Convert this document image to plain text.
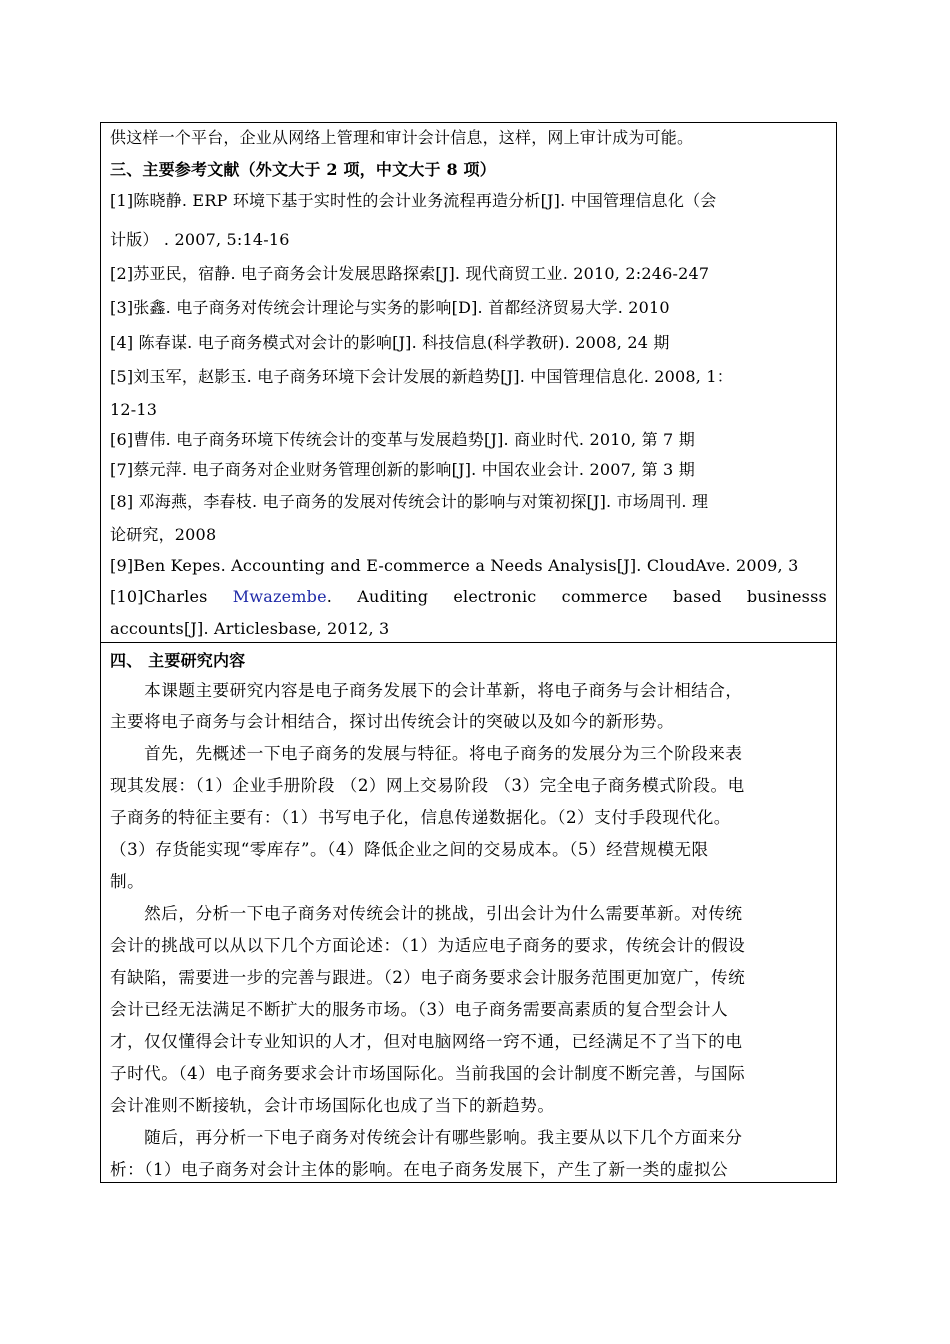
供这样一个平台，企业从网络上管理和审计会计信息，这样，网上审计成为可能。
三、主要参考文献（外文大于 2 项，中文大于 8 项）
[1]陈晓静. ERP 环境下基于实时性的会计业务流程再造分析[J]. 中国管理信息化（会
计版） . 2007, 5:14-16
[2]苏亚民，宿静. 电子商务会计发展思路探索[J]. 现代商贸工业. 2010, 2:246-247
[3]张鑫. 电子商务对传统会计理论与实务的影响[D]. 首都经济贸易大学. 2010
[4] 陈春谋. 电子商务模式对会计的影响[J]. 科技信息(科学教研). 2008, 24 期
[5]刘玉军，赵影玉. 电子商务环境下会计发展的新趋势[J]. 中国管理信息化. 2008, 1：
12-13
[6]曹伟. 电子商务环境下传统会计的变革与发展趋势[J]. 商业时代. 2010, 第 7 期
[7]蔡元萍. 电子商务对企业财务管理创新的影响[J]. 中国农业会计. 2007, 第 3 期
[8] 邓海燕，李春枝. 电子商务的发展对传统会计的影响与对策初探[J]. 市场周刊. 理
论研究，2008
[9]Ben Kepes. Accounting and E-commerce a Needs Analysis[J]. CloudAve. 2009, 3
[10]Charles Mwazembe. Auditing electronic commerce based businesss
accounts[J]. Articlesbase, 2012, 3
四、 主要研究内容
　　本课题主要研究内容是电子商务发展下的会计革新，将电子商务与会计相结合，
主要将电子商务与会计相结合，探讨出传统会计的突破以及如今的新形势。
　　首先，先概述一下电子商务的发展与特征。将电子商务的发展分为三个阶段来表
现其发展：（1）企业手册阶段 （2）网上交易阶段 （3）完全电子商务模式阶段。电
子商务的特征主要有：（1）书写电子化，信息传递数据化。（2）支付手段现代化。
（3）存货能实现“零库存”。（4）降低企业之间的交易成本。（5）经营规模无限
制。
　　然后，分析一下电子商务对传统会计的挑战，引出会计为什么需要革新。对传统
会计的挑战可以从以下几个方面论述：（1）为适应电子商务的要求，传统会计的假设
有缺陷，需要进一步的完善与跟进。（2）电子商务要求会计服务范围更加宽广，传统
会计已经无法满足不断扩大的服务市场。（3）电子商务需要高素质的复合型会计人
才，仅仅懂得会计专业知识的人才，但对电脑网络一窍不通，已经满足不了当下的电
子时代。（4）电子商务要求会计市场国际化。当前我国的会计制度不断完善，与国际
会计准则不断接轨，会计市场国际化也成了当下的新趋势。
　　随后，再分析一下电子商务对传统会计有哪些影响。我主要从以下几个方面来分
析：（1）电子商务对会计主体的影响。在电子商务发展下，产生了新一类的虚拟公
